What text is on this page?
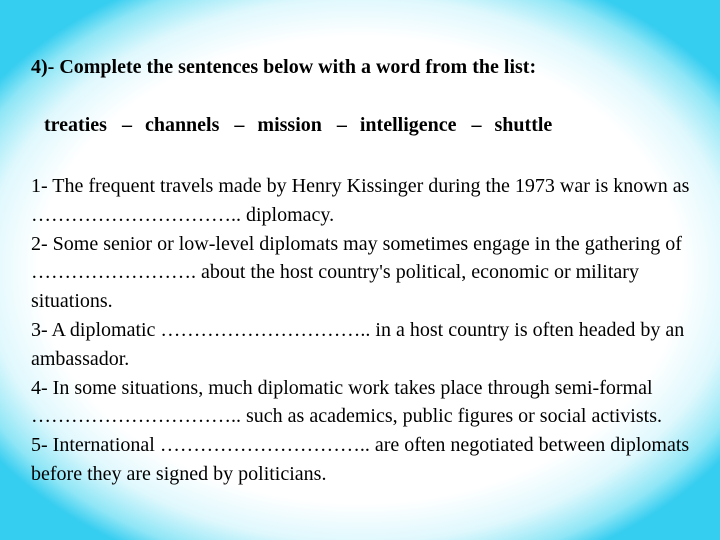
4)- Complete the sentences below with a word from the list:
treaties – channels – mission – intelligence – shuttle

1- The frequent travels made by Henry Kissinger during the 1973 war is known as ………………………….. diplomacy.

2- Some senior or low-level diplomats may sometimes engage in the gathering of ……………………. about the host country's political, economic or military situations.

3- A diplomatic ………………………….. in a host country is often headed by an ambassador.

4- In some situations, much diplomatic work takes place through semi-formal ………………………….. such as academics, public figures or social activists.

5- International ………………………….. are often negotiated between diplomats before they are signed by politicians.
